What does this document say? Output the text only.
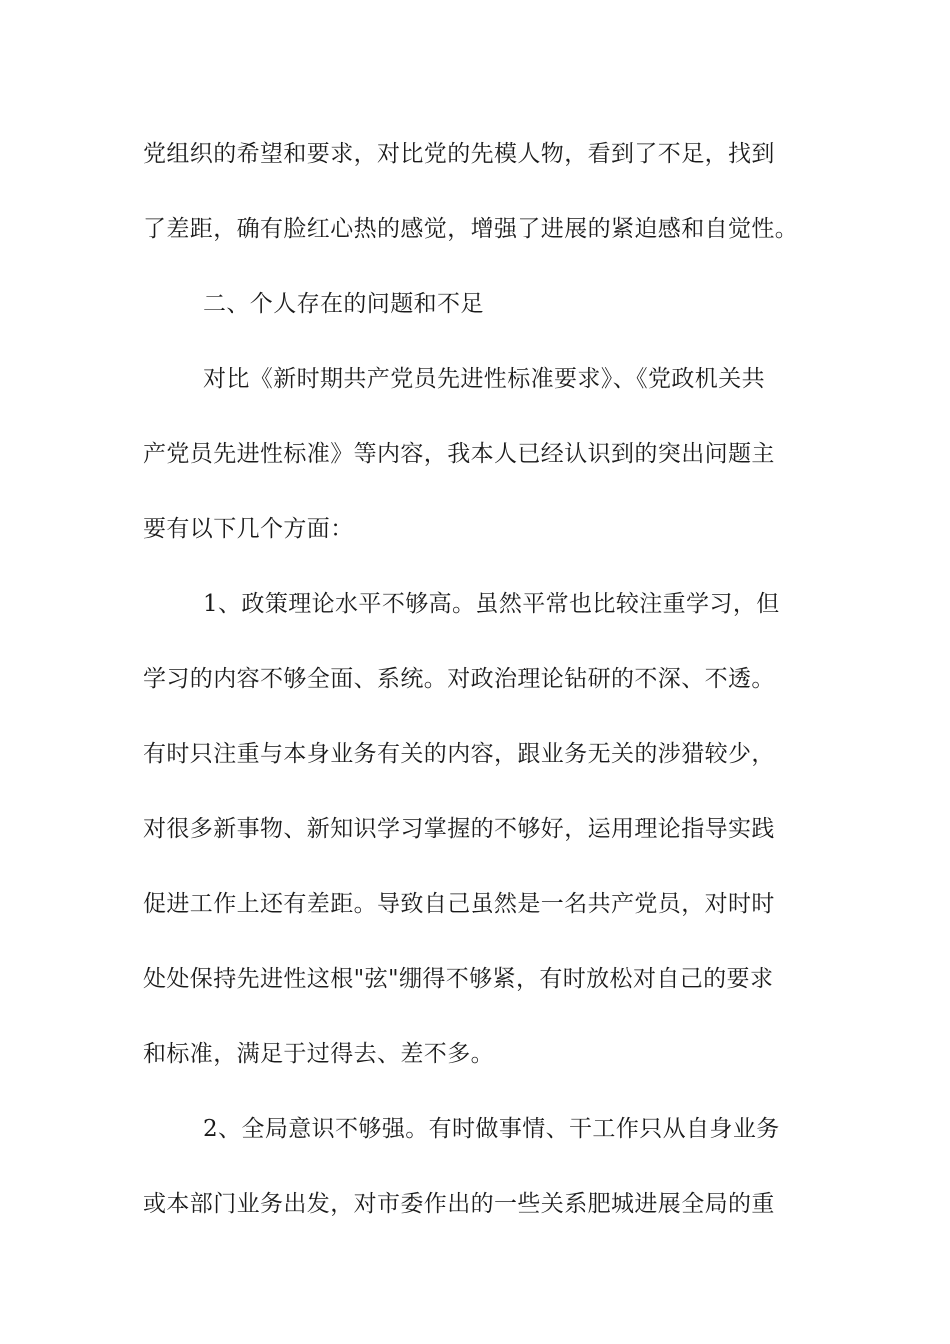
党组织的希望和要求，对比党的先模人物，看到了不足，找到

了差距，确有脸红心热的感觉，增强了进展的紧迫感和自觉性。

二、个人存在的问题和不足

对比《新时期共产党员先进性标准要求》、《党政机关共

产党员先进性标准》等内容，我本人已经认识到的突出问题主

要有以下几个方面：

1、政策理论水平不够高。虽然平常也比较注重学习，但

学习的内容不够全面、系统。对政治理论钻研的不深、不透。

有时只注重与本身业务有关的内容，跟业务无关的涉猎较少，

对很多新事物、新知识学习掌握的不够好，运用理论指导实践

促进工作上还有差距。导致自己虽然是一名共产党员，对时时

处处保持先进性这根"弦"绷得不够紧，有时放松对自己的要求

和标准，满足于过得去、差不多。

2、全局意识不够强。有时做事情、干工作只从自身业务

或本部门业务出发，对市委作出的一些关系肥城进展全局的重
